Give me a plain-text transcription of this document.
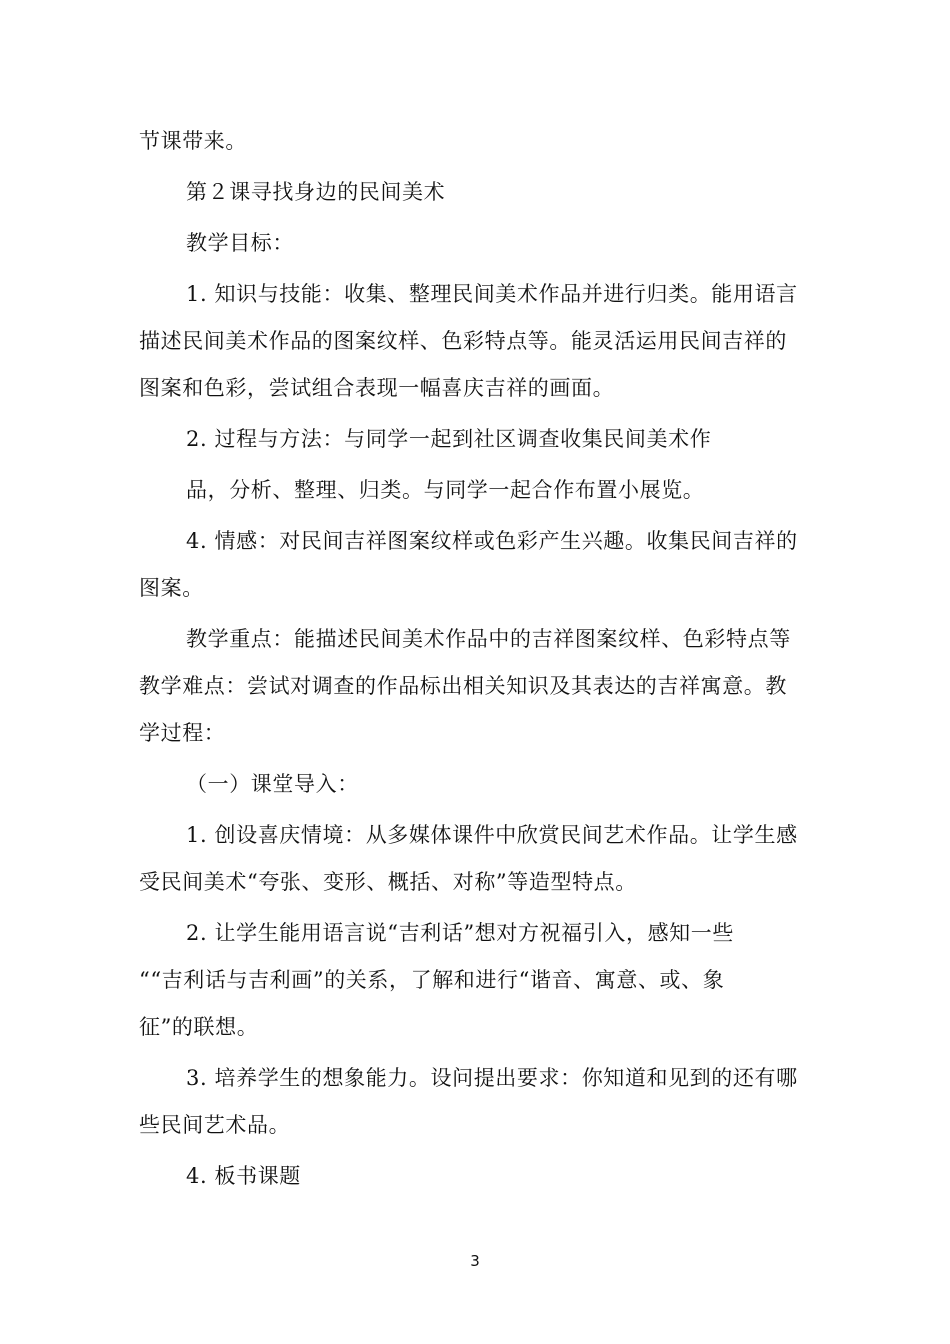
节课带来。
第２课寻找身边的民间美术
教学目标：
1. 知识与技能：收集、整理民间美术作品并进行归类。能用语言
描述民间美术作品的图案纹样、色彩特点等。能灵活运用民间吉祥的
图案和色彩，尝试组合表现一幅喜庆吉祥的画面。
2. 过程与方法：与同学一起到社区调查收集民间美术作
品，分析、整理、归类。与同学一起合作布置小展览。
4. 情感：对民间吉祥图案纹样或色彩产生兴趣。收集民间吉祥的
图案。
教学重点：能描述民间美术作品中的吉祥图案纹样、色彩特点等
教学难点：尝试对调查的作品标出相关知识及其表达的吉祥寓意。教
学过程：
（一）课堂导入：
1. 创设喜庆情境：从多媒体课件中欣赏民间艺术作品。让学生感
受民间美术“夸张、变形、概括、对称”等造型特点。
2. 让学生能用语言说“吉利话”想对方祝福引入，感知一些
““吉利话与吉利画”的关系，了解和进行“谐音、寓意、或、象
征”的联想。
3. 培养学生的想象能力。设问提出要求：你知道和见到的还有哪
些民间艺术品。
4. 板书课题
3
